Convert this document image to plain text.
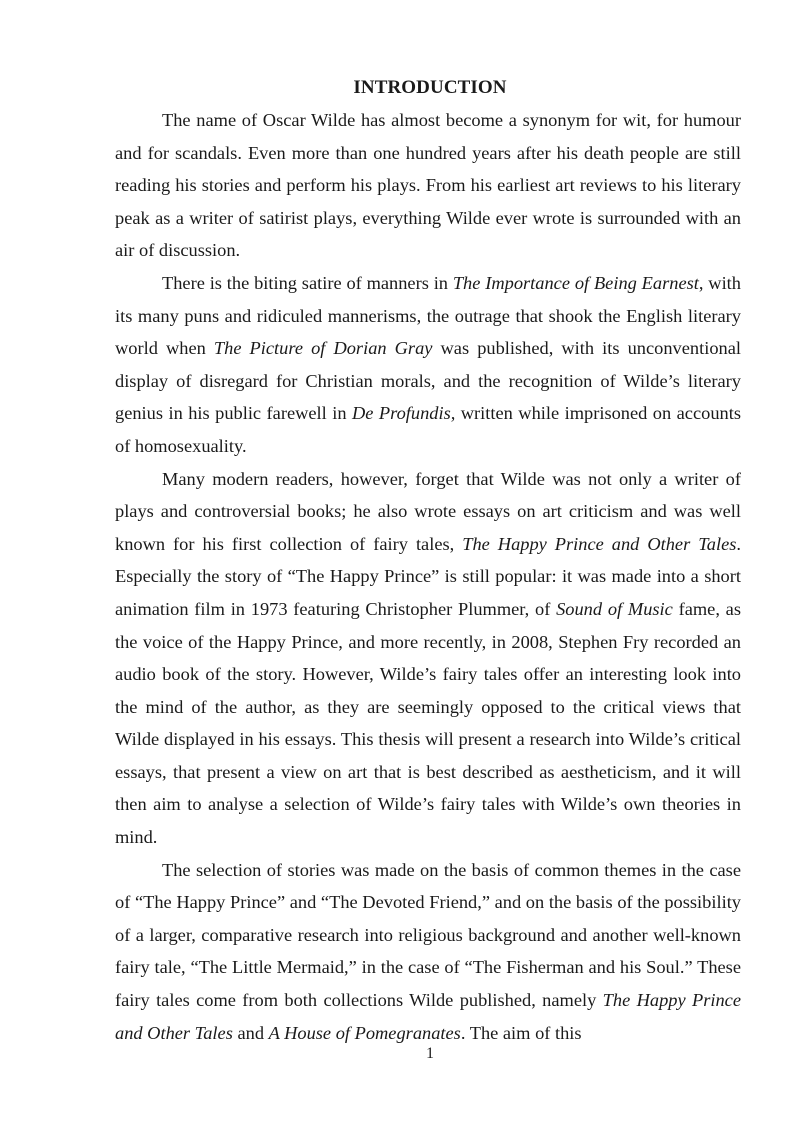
INTRODUCTION

The name of Oscar Wilde has almost become a synonym for wit, for humour and for scandals. Even more than one hundred years after his death people are still reading his stories and perform his plays. From his earliest art reviews to his literary peak as a writer of satirist plays, everything Wilde ever wrote is surrounded with an air of discussion.

There is the biting satire of manners in The Importance of Being Earnest, with its many puns and ridiculed mannerisms, the outrage that shook the English literary world when The Picture of Dorian Gray was published, with its unconventional display of disregard for Christian morals, and the recognition of Wilde’s literary genius in his public farewell in De Profundis, written while imprisoned on accounts of homosexuality.

Many modern readers, however, forget that Wilde was not only a writer of plays and controversial books; he also wrote essays on art criticism and was well known for his first collection of fairy tales, The Happy Prince and Other Tales. Especially the story of “The Happy Prince” is still popular: it was made into a short animation film in 1973 featuring Christopher Plummer, of Sound of Music fame, as the voice of the Happy Prince, and more recently, in 2008, Stephen Fry recorded an audio book of the story. However, Wilde’s fairy tales offer an interesting look into the mind of the author, as they are seemingly opposed to the critical views that Wilde displayed in his essays. This thesis will present a research into Wilde’s critical essays, that present a view on art that is best described as aestheticism, and it will then aim to analyse a selection of Wilde’s fairy tales with Wilde’s own theories in mind.

The selection of stories was made on the basis of common themes in the case of “The Happy Prince” and “The Devoted Friend,” and on the basis of the possibility of a larger, comparative research into religious background and another well-known fairy tale, “The Little Mermaid,” in the case of “The Fisherman and his Soul.” These fairy tales come from both collections Wilde published, namely The Happy Prince and Other Tales and A House of Pomegranates. The aim of this

1
